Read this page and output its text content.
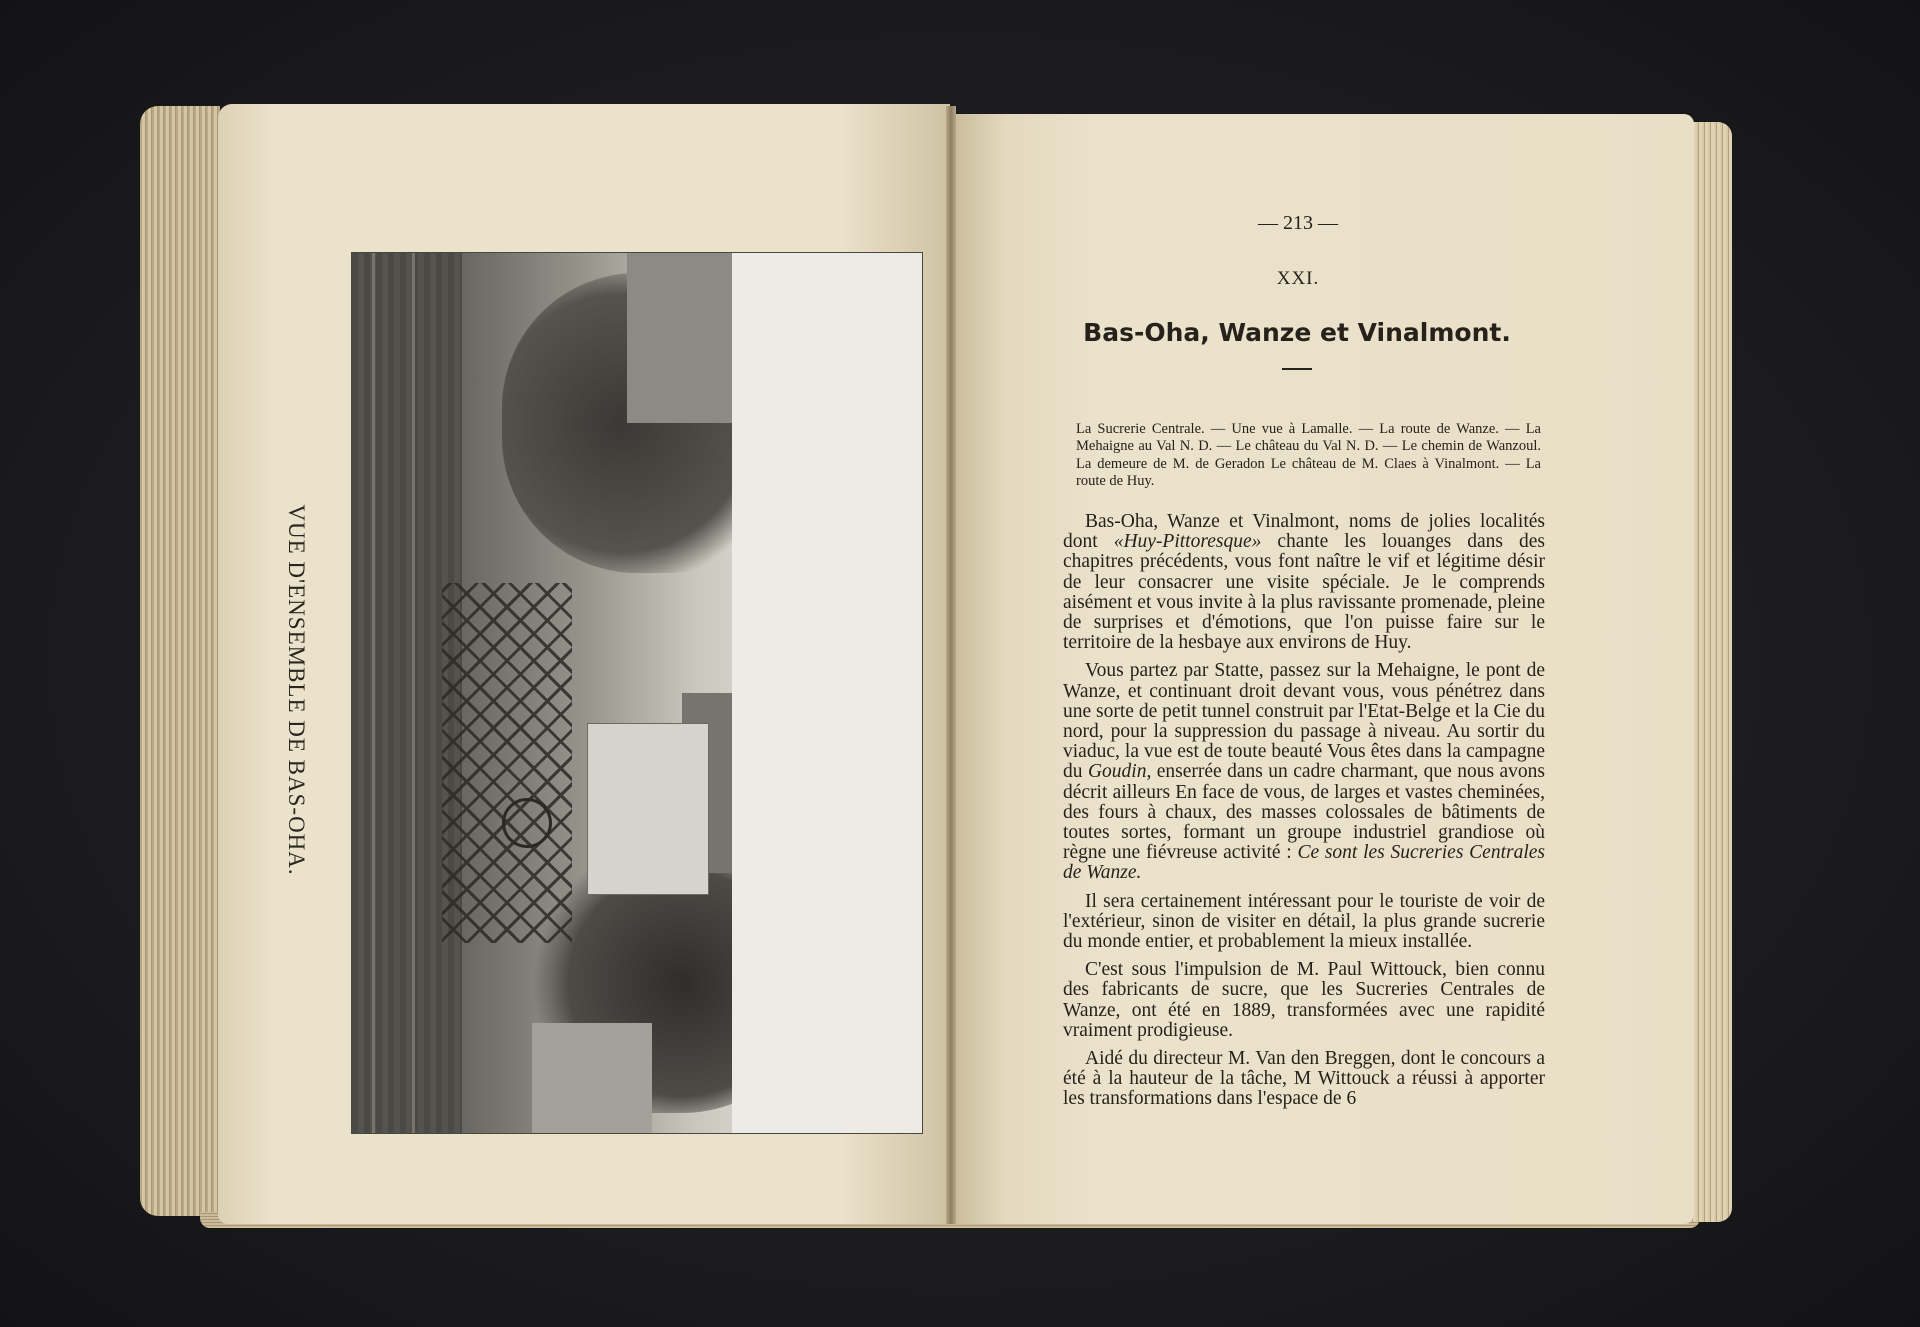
VUE D'ENSEMBLE DE BAS-OHA.
— 213 —
XXI.
Bas-Oha, Wanze et Vinalmont.
La Sucrerie Centrale. — Une vue à Lamalle. — La route de Wanze. — La Mehaigne au Val N. D. — Le château du Val N. D. — Le chemin de Wanzoul. La demeure de M. de Geradon Le château de M. Claes à Vinalmont. — La route de Huy.

Bas-Oha, Wanze et Vinalmont, noms de jolies localités dont «Huy-Pittoresque» chante les louanges dans des chapitres précédents, vous font naître le vif et légitime désir de leur consacrer une visite spéciale. Je le comprends aisément et vous invite à la plus ravissante promenade, pleine de surprises et d'émotions, que l'on puisse faire sur le territoire de la hesbaye aux environs de Huy.

Vous partez par Statte, passez sur la Mehaigne, le pont de Wanze, et continuant droit devant vous, vous pénétrez dans une sorte de petit tunnel construit par l'Etat-Belge et la Cie du nord, pour la suppression du passage à niveau. Au sortir du viaduc, la vue est de toute beauté Vous êtes dans la campagne du Goudin, enserrée dans un cadre charmant, que nous avons décrit ailleurs En face de vous, de larges et vastes cheminées, des fours à chaux, des masses colossales de bâtiments de toutes sortes, formant un groupe industriel grandiose où règne une fiévreuse activité : Ce sont les Sucreries Centrales de Wanze.

Il sera certainement intéressant pour le touriste de voir de l'extérieur, sinon de visiter en détail, la plus grande sucrerie du monde entier, et probablement la mieux installée.

C'est sous l'impulsion de M. Paul Wittouck, bien connu des fabricants de sucre, que les Sucreries Centrales de Wanze, ont été en 1889, transformées avec une rapidité vraiment prodigieuse.

Aidé du directeur M. Van den Breggen, dont le concours a été à la hauteur de la tâche, M Wittouck a réussi à apporter les transformations dans l'espace de 6
